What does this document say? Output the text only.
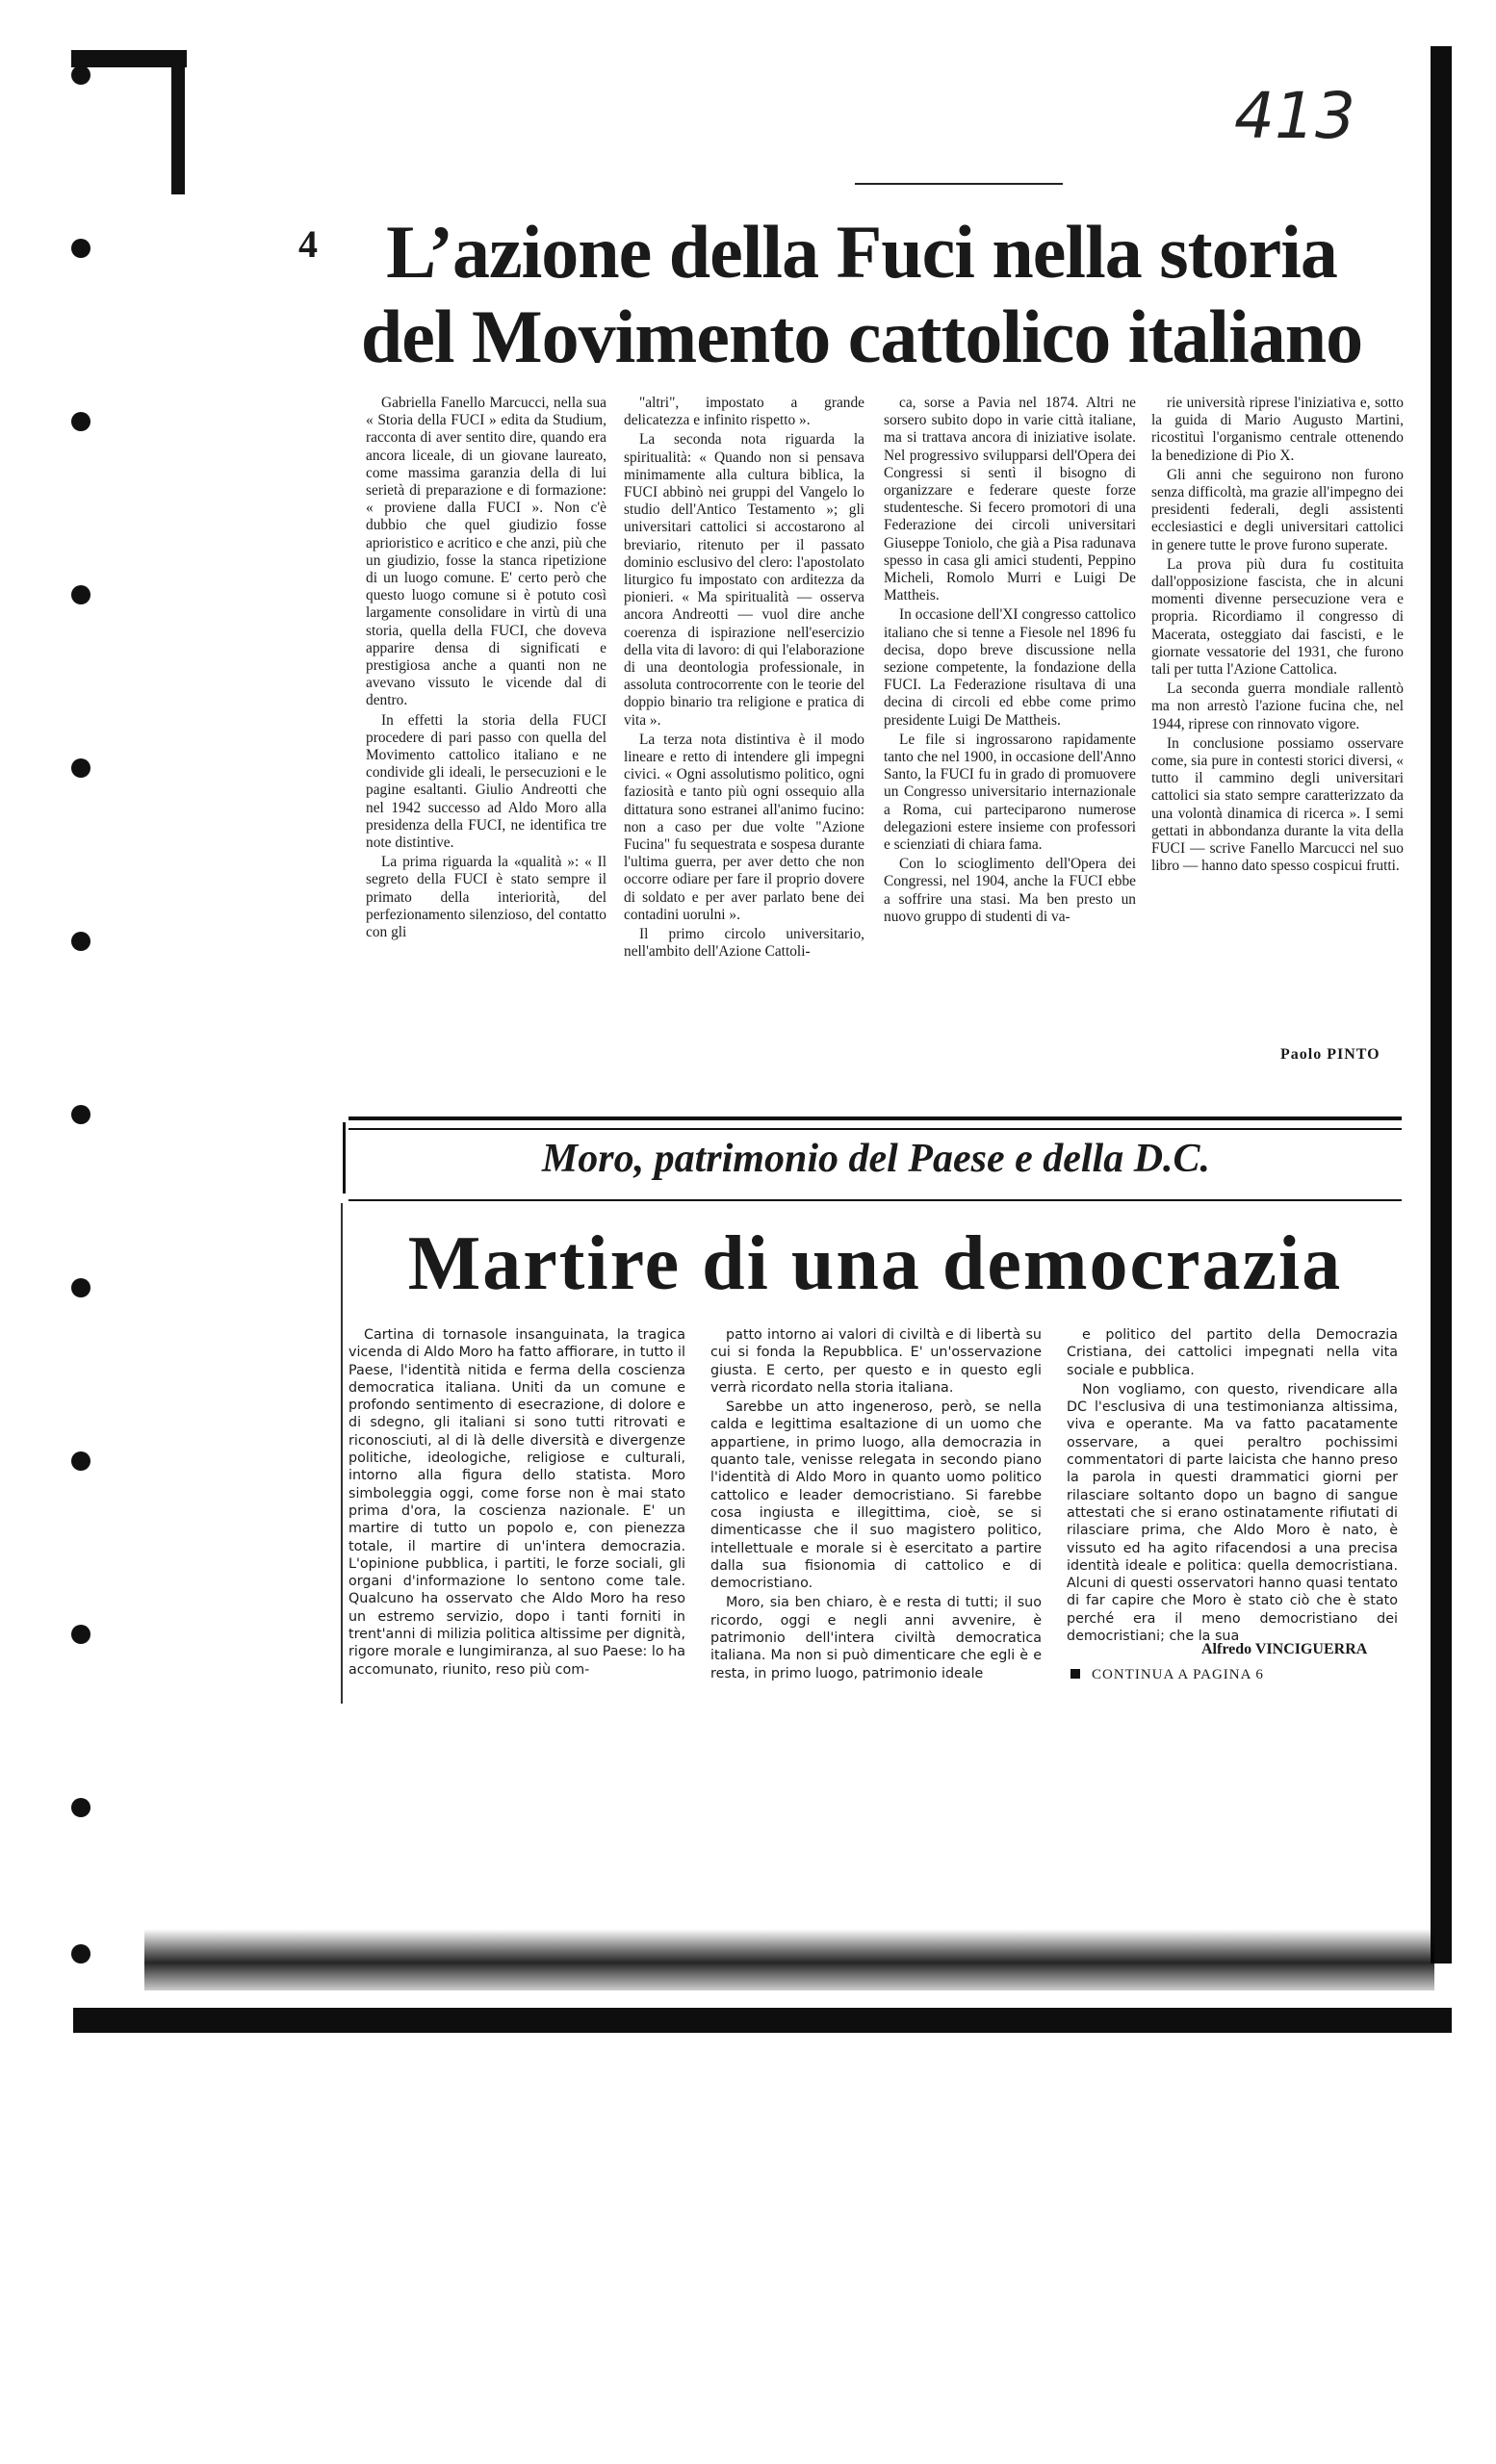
413
4 L’azione della Fuci nella storia
del Movimento cattolico italiano

Gabriella Fanello Marcucci, nella sua « Storia della FUCI » edita da Studium, racconta di aver sentito dire, quando era ancora liceale, di un giovane laureato, come massima garanzia della di lui serietà di preparazione e di formazione: « proviene dalla FUCI ». Non c'è dubbio che quel giudizio fosse aprioristico e acritico e che anzi, più che un giudizio, fosse la stanca ripetizione di un luogo comune. E' certo però che questo luogo comune si è potuto così largamente consolidare in virtù di una storia, quella della FUCI, che doveva apparire densa di significati e prestigiosa anche a quanti non ne avevano vissuto le vicende dal di dentro.

In effetti la storia della FUCI procedere di pari passo con quella del Movimento cattolico italiano e ne condivide gli ideali, le persecuzioni e le pagine esaltanti. Giulio Andreotti che nel 1942 successo ad Aldo Moro alla presidenza della FUCI, ne identifica tre note distintive.

La prima riguarda la «qualità »: « Il segreto della FUCI è stato sempre il primato della interiorità, del perfezionamento silenzioso, del contatto con gli

"altri", impostato a grande delicatezza e infinito rispetto ».

La seconda nota riguarda la spiritualità: « Quando non si pensava minimamente alla cultura biblica, la FUCI abbinò nei gruppi del Vangelo lo studio dell'Antico Testamento »; gli universitari cattolici si accostarono al breviario, ritenuto per il passato dominio esclusivo del clero: l'apostolato liturgico fu impostato con arditezza da pionieri. « Ma spiritualità — osserva ancora Andreotti — vuol dire anche coerenza di ispirazione nell'esercizio della vita di lavoro: di qui l'elaborazione di una deontologia professionale, in assoluta controcorrente con le teorie del doppio binario tra religione e pratica di vita ».

La terza nota distintiva è il modo lineare e retto di intendere gli impegni civici. « Ogni assolutismo politico, ogni faziosità e tanto più ogni ossequio alla dittatura sono estranei all'animo fucino: non a caso per due volte "Azione Fucina" fu sequestrata e sospesa durante l'ultima guerra, per aver detto che non occorre odiare per fare il proprio dovere di soldato e per aver parlato bene dei contadini uorulni ».

Il primo circolo universitario, nell'ambito dell'Azione Cattoli-

ca, sorse a Pavia nel 1874. Altri ne sorsero subito dopo in varie città italiane, ma si trattava ancora di iniziative isolate. Nel progressivo svilupparsi dell'Opera dei Congressi si sentì il bisogno di organizzare e federare queste forze studentesche. Si fecero promotori di una Federazione dei circoli universitari Giuseppe Toniolo, che già a Pisa radunava spesso in casa gli amici studenti, Peppino Micheli, Romolo Murri e Luigi De Mattheis.

In occasione dell'XI congresso cattolico italiano che si tenne a Fiesole nel 1896 fu decisa, dopo breve discussione nella sezione competente, la fondazione della FUCI. La Federazione risultava di una decina di circoli ed ebbe come primo presidente Luigi De Mattheis.

Le file si ingrossarono rapidamente tanto che nel 1900, in occasione dell'Anno Santo, la FUCI fu in grado di promuovere un Congresso universitario internazionale a Roma, cui parteciparono numerose delegazioni estere insieme con professori e scienziati di chiara fama.

Con lo scioglimento dell'Opera dei Congressi, nel 1904, anche la FUCI ebbe a soffrire una stasi. Ma ben presto un nuovo gruppo di studenti di va-

rie università riprese l'iniziativa e, sotto la guida di Mario Augusto Martini, ricostituì l'organismo centrale ottenendo la benedizione di Pio X.

Gli anni che seguirono non furono senza difficoltà, ma grazie all'impegno dei presidenti federali, degli assistenti ecclesiastici e degli universitari cattolici in genere tutte le prove furono superate.

La prova più dura fu costituita dall'opposizione fascista, che in alcuni momenti divenne persecuzione vera e propria. Ricordiamo il congresso di Macerata, osteggiato dai fascisti, e le giornate vessatorie del 1931, che furono tali per tutta l'Azione Cattolica.

La seconda guerra mondiale rallentò ma non arrestò l'azione fucina che, nel 1944, riprese con rinnovato vigore.

In conclusione possiamo osservare come, sia pure in contesti storici diversi, « tutto il cammino degli universitari cattolici sia stato sempre caratterizzato da una volontà dinamica di ricerca ». I semi gettati in abbondanza durante la vita della FUCI — scrive Fanello Marcucci nel suo libro — hanno dato spesso cospicui frutti.

Paolo PINTO
Moro, patrimonio del Paese e della D.C.
Martire di una democrazia

Cartina di tornasole insanguinata, la tragica vicenda di Aldo Moro ha fatto affiorare, in tutto il Paese, l'identità nitida e ferma della coscienza democratica italiana. Uniti da un comune e profondo sentimento di esecrazione, di dolore e di sdegno, gli italiani si sono tutti ritrovati e riconosciuti, al di là delle diversità e divergenze politiche, ideologiche, religiose e culturali, intorno alla figura dello statista. Moro simboleggia oggi, come forse non è mai stato prima d'ora, la coscienza nazionale. E' un martire di tutto un popolo e, con pienezza totale, il martire di un'intera democrazia. L'opinione pubblica, i partiti, le forze sociali, gli organi d'informazione lo sentono come tale. Qualcuno ha osservato che Aldo Moro ha reso un estremo servizio, dopo i tanti forniti in trent'anni di milizia politica altissime per dignità, rigore morale e lungimiranza, al suo Paese: lo ha accomunato, riunito, reso più com-

patto intorno ai valori di civiltà e di libertà su cui si fonda la Repubblica. E' un'osservazione giusta. E certo, per questo e in questo egli verrà ricordato nella storia italiana.

Sarebbe un atto ingeneroso, però, se nella calda e legittima esaltazione di un uomo che appartiene, in primo luogo, alla democrazia in quanto tale, venisse relegata in secondo piano l'identità di Aldo Moro in quanto uomo politico cattolico e leader democristiano. Si farebbe cosa ingiusta e illegittima, cioè, se si dimenticasse che il suo magistero politico, intellettuale e morale si è esercitato a partire dalla sua fisionomia di cattolico e di democristiano.

Moro, sia ben chiaro, è e resta di tutti; il suo ricordo, oggi e negli anni avvenire, è patrimonio dell'intera civiltà democratica italiana. Ma non si può dimenticare che egli è e resta, in primo luogo, patrimonio ideale

e politico del partito della Democrazia Cristiana, dei cattolici impegnati nella vita sociale e pubblica.

Non vogliamo, con questo, rivendicare alla DC l'esclusiva di una testimonianza altissima, viva e operante. Ma va fatto pacatamente osservare, a quei peraltro pochissimi commentatori di parte laicista che hanno preso la parola in questi drammatici giorni per rilasciare soltanto dopo un bagno di sangue attestati che si erano ostinatamente rifiutati di rilasciare prima, che Aldo Moro è nato, è vissuto ed ha agito rifacendosi a una precisa identità ideale e politica: quella democristiana. Alcuni di questi osservatori hanno quasi tentato di far capire che Moro è stato ciò che è stato perché era il meno democristiano dei democristiani; che la sua

Alfredo VINCIGUERRA
CONTINUA A PAGINA 6
